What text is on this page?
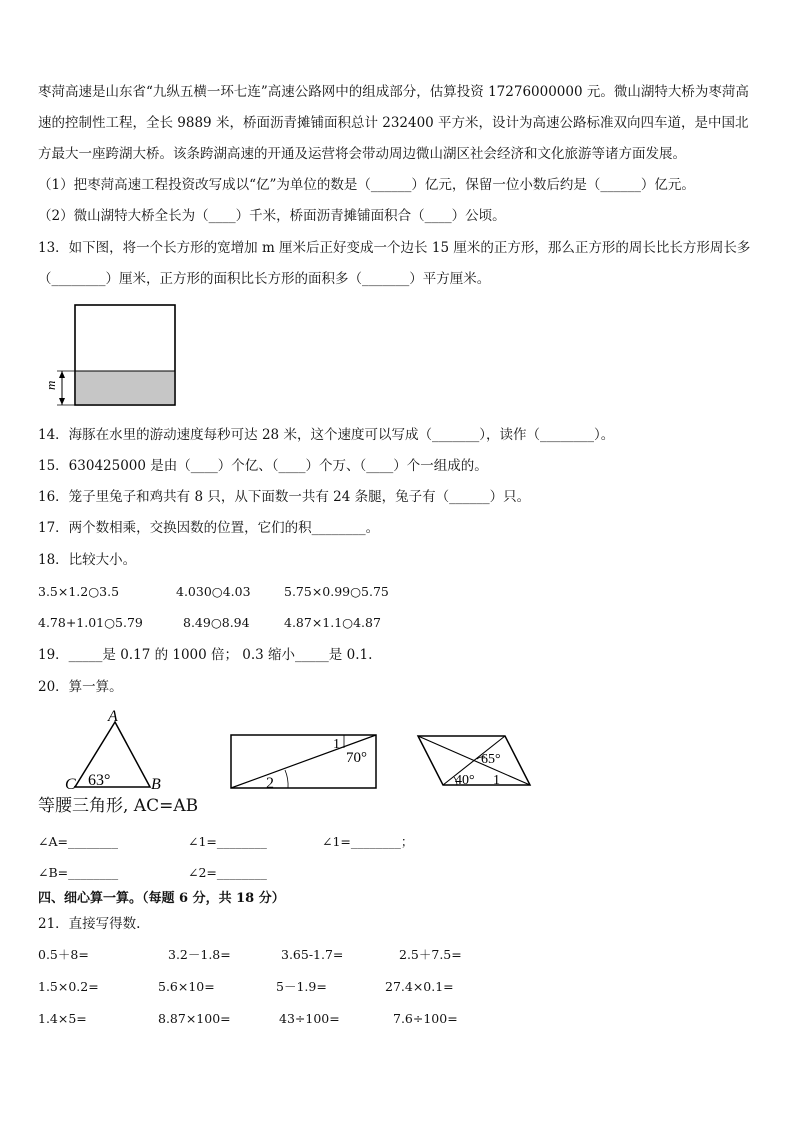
枣菏高速是山东省“九纵五横一环七连”高速公路网中的组成部分，估算投资 17276000000 元。微山湖特大桥为枣菏高
速的控制性工程，全长 9889 米，桥面沥青摊铺面积总计 232400 平方米，设计为高速公路标准双向四车道，是中国北
方最大一座跨湖大桥。该条跨湖高速的开通及运营将会带动周边微山湖区社会经济和文化旅游等诸方面发展。
（1）把枣菏高速工程投资改写成以“亿”为单位的数是（______）亿元，保留一位小数后约是（______）亿元。
（2）微山湖特大桥全长为（____）千米，桥面沥青摊铺面积合（____）公顷。
13．如下图，将一个长方形的宽增加 m 厘米后正好变成一个边长 15 厘米的正方形，那么正方形的周长比长方形周长多
（________）厘米，正方形的面积比长方形的面积多（_______）平方厘米。
m
14．海豚在水里的游动速度每秒可达 28 米，这个速度可以写成（_______），读作（________）。
15．630425000 是由（____）个亿、（____）个万、（____）个一组成的。
16．笼子里兔子和鸡共有 8 只，从下面数一共有 24 条腿，兔子有（______）只。
17．两个数相乘，交换因数的位置，它们的积________。
18．比较大小。
3.5×1.2○3.5	4.030○4.03	5.75×0.99○5.75
4.78+1.01○5.79	8.49○8.94	4.87×1.1○4.87
19．_____是 0.17 的 1000 倍； 0.3 缩小_____是 0.1.
20．算一算。
A
C	B
63°
1
70°
2
65°
40° 1
等腰三角形, AC=AB
∠A=________	∠1=________	∠1=________；
∠B=________	∠2=________
四、细心算一算。（每题 6 分，共 18 分）
21．直接写得数.
0.5＋8=	3.2－1.8=	3.65-1.7=	2.5＋7.5=
1.5×0.2=	5.6×10=	5－1.9=	27.4×0.1=
1.4×5=	8.87×100=	43÷100=	7.6÷100=
